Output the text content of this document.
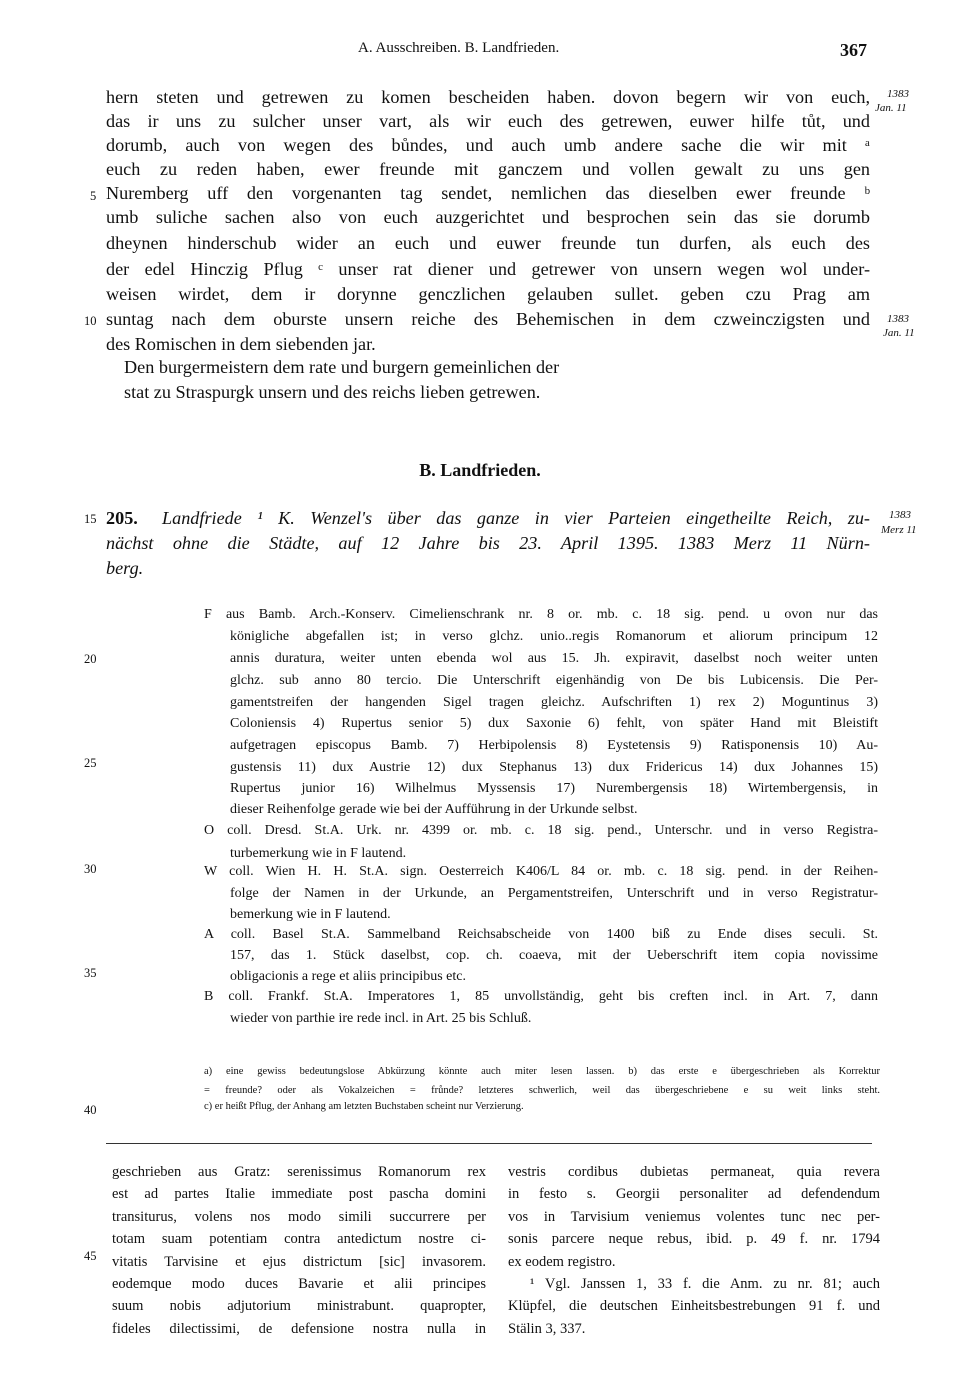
A. Ausschreiben. B. Landfrieden.	367
hern steten und getrewen zu komen bescheiden haben. dovon begern wir von euch,
das ir uns zu sulcher unser vart, als wir euch des getrewen, euwer hilfe tůt, und
dorumb, auch von wegen des bůndes, und auch umb andere sache die wir mit ᵃ
euch zu reden haben, ewer freunde mit ganczem und vollen gewalt zu uns gen
Nuremberg uff den vorgenanten tag sendet, nemlichen das dieselben ewer freunde ᵇ
umb suliche sachen also von euch auzgerichtet und besprochen sein das sie dorumb
dheynen hinderschub wider an euch und euwer freunde tun durfen, als euch des
der edel Hinczig Pflug ᶜ unser rat diener und getrewer von unsern wegen wol under-
weisen wirdet, dem ir dorynne genczlichen gelauben sullet. geben czu Prag am
suntag nach dem oburste unsern reiche des Behemischen in dem czweinczigsten und
des Romischen in dem siebenden jar.
Den burgermeistern dem rate und burgern gemeinlichen der
stat zu Straspurgk unsern und des reichs lieben getrewen.
1383
Jan. 11
1383
Jan. 11
1383
Merz 11
5
10
15
20
25
30
35
40
45
B. Landfrieden.
205.	Landfriede ¹ K. Wenzel's über das ganze in vier Parteien eingetheilte Reich, zu-
nächst ohne die Städte, auf 12 Jahre bis 23. April 1395. 1383 Merz 11 Nürn-
berg.
F aus Bamb. Arch.-Konserv. Cimelienschrank nr. 8 or. mb. c. 18 sig. pend. u ovon nur das
königliche abgefallen ist; in verso glchz. unio..regis Romanorum et aliorum principum 12
annis duratura, weiter unten ebenda wol aus 15. Jh. expiravit, daselbst noch weiter unten
glchz. sub anno 80 tercio. Die Unterschrift eigenhändig von De bis Lubicensis. Die Per-
gamentstreifen der hangenden Sigel tragen gleichz. Aufschriften 1) rex 2) Moguntinus 3)
Coloniensis 4) Rupertus senior 5) dux Saxonie 6) fehlt, von später Hand mit Bleistift
aufgetragen episcopus Bamb. 7) Herbipolensis 8) Eystetensis 9) Ratisponensis 10) Au-
gustensis 11) dux Austrie 12) dux Stephanus 13) dux Fridericus 14) dux Johannes 15)
Rupertus junior 16) Wilhelmus Myssensis 17) Nurembergensis 18) Wirtembergensis, in
dieser Reihenfolge gerade wie bei der Aufführung in der Urkunde selbst.
O coll. Dresd. St.A. Urk. nr. 4399 or. mb. c. 18 sig. pend., Unterschr. und in verso Registra-
turbemerkung wie in F lautend.
W coll. Wien H. H. St.A. sign. Oesterreich K406/L 84 or. mb. c. 18 sig. pend. in der Reihen-
folge der Namen in der Urkunde, an Pergamentstreifen, Unterschrift und in verso Registratur-
bemerkung wie in F lautend.
A coll. Basel St.A. Sammelband Reichsabscheide von 1400 biß zu Ende dises seculi. St.
157, das 1. Stück daselbst, cop. ch. coaeva, mit der Ueberschrift item copia novissime
obligacionis a rege et aliis principibus etc.
B coll. Frankf. St.A. Imperatores 1, 85 unvollständig, geht bis creften incl. in Art. 7, dann
wieder von parthie ire rede incl. in Art. 25 bis Schluß.
a) eine gewiss bedeutungslose Abkürzung könnte auch miter lesen lassen. b) das erste e übergeschrieben als Korrektur
= freunde? oder als Vokalzeichen = frůnde? letzteres schwerlich, weil das übergeschriebene e su weit links steht.
c) er heißt Pflug, der Anhang am letzten Buchstaben scheint nur Verzierung.
geschrieben aus Gratz: serenissimus Romanorum rex
est ad partes Italie immediate post pascha domini
transiturus, volens nos modo simili succurrere per
totam suam potentiam contra antedictum nostre ci-
vitatis Tarvisine et ejus districtum [sic] invasorem.
eodemque modo duces Bavarie et alii principes
suum nobis adjutorium ministrabunt. quapropter,
fideles dilectissimi, de defensione nostra nulla in
vestris cordibus dubietas permaneat, quia revera
in festo s. Georgii personaliter ad defendendum
vos in Tarvisium veniemus volentes tunc nec per-
sonis parcere neque rebus, ibid. p. 49 f. nr. 1794
ex eodem registro.
¹ Vgl. Janssen 1, 33 f. die Anm. zu nr. 81; auch
Klüpfel, die deutschen Einheitsbestrebungen 91 f. und
Stälin 3, 337.
